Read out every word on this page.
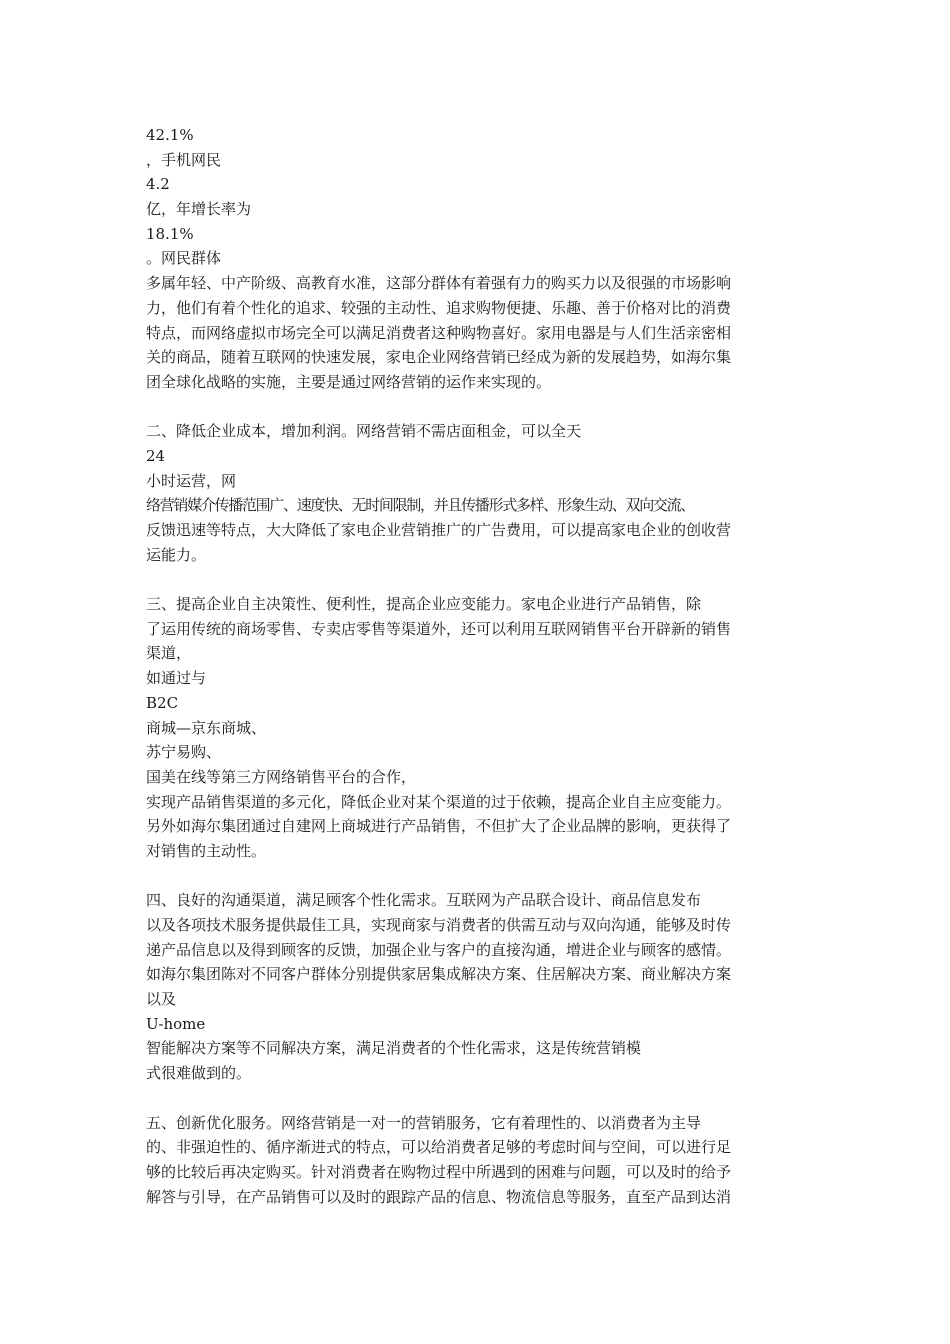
42.1%
，手机网民
4.2
亿，年增长率为
18.1%
。网民群体
多属年轻、中产阶级、高教育水准，这部分群体有着强有力的购买力以及很强的市场影响
力，他们有着个性化的追求、较强的主动性、追求购物便捷、乐趣、善于价格对比的消费
特点，而网络虚拟市场完全可以满足消费者这种购物喜好。家用电器是与人们生活亲密相
关的商品，随着互联网的快速发展，家电企业网络营销已经成为新的发展趋势，如海尔集
团全球化战略的实施，主要是通过网络营销的运作来实现的。
二、降低企业成本，增加利润。网络营销不需店面租金，可以全天
24
小时运营，网
络营销媒介传播范围广、速度快、无时间限制，并且传播形式多样、形象生动、双向交流、
反馈迅速等特点，大大降低了家电企业营销推广的广告费用，可以提高家电企业的创收营
运能力。
三、提高企业自主决策性、便利性，提高企业应变能力。家电企业进行产品销售，除
了运用传统的商场零售、专卖店零售等渠道外，还可以利用互联网销售平台开辟新的销售
渠道，
如通过与
B2C
商城—京东商城、
苏宁易购、
国美在线等第三方网络销售平台的合作，
实现产品销售渠道的多元化，降低企业对某个渠道的过于依赖，提高企业自主应变能力。
另外如海尔集团通过自建网上商城进行产品销售，不但扩大了企业品牌的影响，更获得了
对销售的主动性。
四、良好的沟通渠道，满足顾客个性化需求。互联网为产品联合设计、商品信息发布
以及各项技术服务提供最佳工具，实现商家与消费者的供需互动与双向沟通，能够及时传
递产品信息以及得到顾客的反馈，加强企业与客户的直接沟通，增进企业与顾客的感情。
如海尔集团陈对不同客户群体分别提供家居集成解决方案、住居解决方案、商业解决方案
以及
U-home
智能解决方案等不同解决方案，满足消费者的个性化需求，这是传统营销模
式很难做到的。
五、创新优化服务。网络营销是一对一的营销服务，它有着理性的、以消费者为主导
的、非强迫性的、循序渐进式的特点，可以给消费者足够的考虑时间与空间，可以进行足
够的比较后再决定购买。针对消费者在购物过程中所遇到的困难与问题，可以及时的给予
解答与引导，在产品销售可以及时的跟踪产品的信息、物流信息等服务，直至产品到达消
